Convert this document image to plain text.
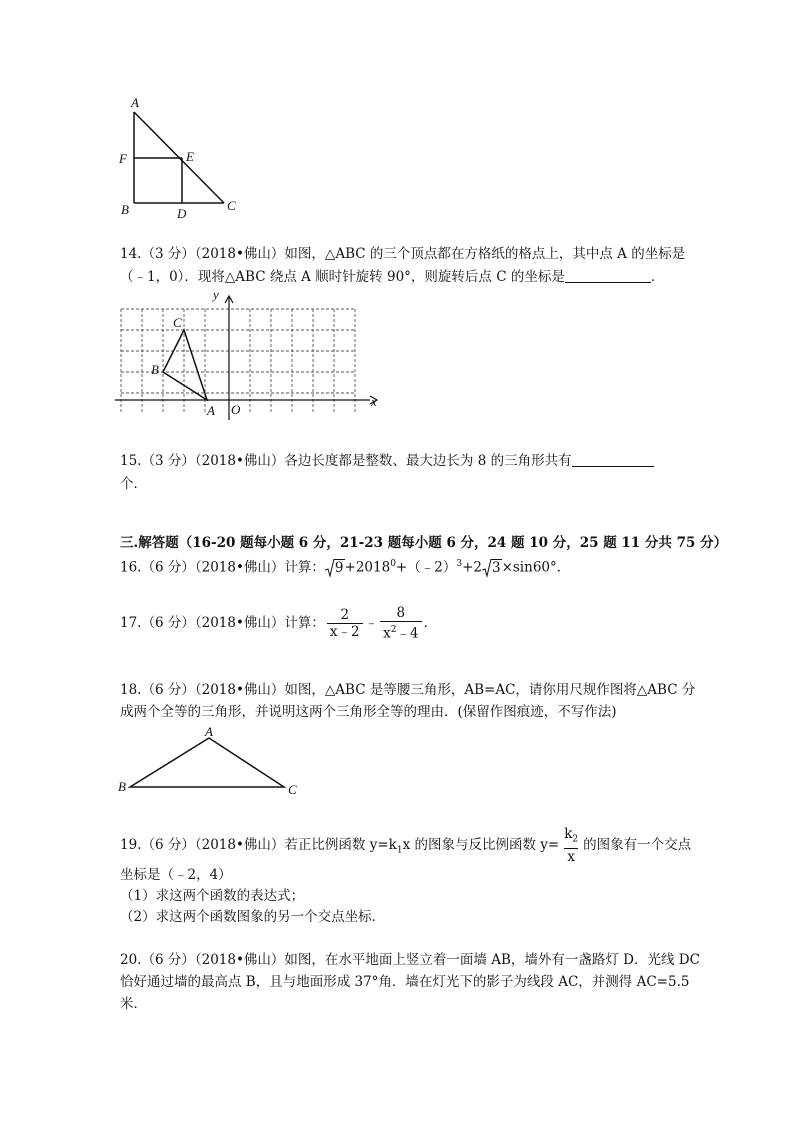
A
F	E
B	D
C
14.（3 分）（2018•佛山）如图，△ABC 的三个顶点都在方格纸的格点上，其中点 A 的坐标是
（﹣1，0）．现将△ABC 绕点 A 顺时针旋转 90°，则旋转后点 C 的坐标是	．
C
B
A O
x
y
15.（3 分）（2018•佛山）各边长度都是整数、最大边长为 8 的三角形共有
个．
三.解答题（16-20 题每小题 6 分，21-23 题每小题 6 分，24 题 10 分，25 题 11 分共 75 分）
16.（6 分）（2018•佛山）计算： $9+2018^0+(﹣2)^3+2$ 3×sin60°．
17.（6 分）（2018•佛山）计算： $\frac{2}{x﹣2}$ ﹣ $\frac{8}{x^2﹣4}$ ．
18.（6 分）（2018•佛山）如图，△ABC 是等腰三角形，AB=AC，请你用尺规作图将△ABC 分
成两个全等的三角形，并说明这两个三角形全等的理由．(保留作图痕迹，不写作法)
A
B	C
19.（6 分）（2018•佛山）若正比例函数 $y=k_1x$ 的图象与反比例函数 $y= \frac{k_2}{x}$ 的图象有一个交点
坐标是（﹣2，4）
（1）求这两个函数的表达式；
（2）求这两个函数图象的另一个交点坐标．
20.（6 分）（2018•佛山）如图，在水平地面上竖立着一面墙 AB，墙外有一盏路灯 D．光线 DC
恰好通过墙的最高点 B，且与地面形成 37°角．墙在灯光下的影子为线段 AC，并测得 AC=5.5
米．
